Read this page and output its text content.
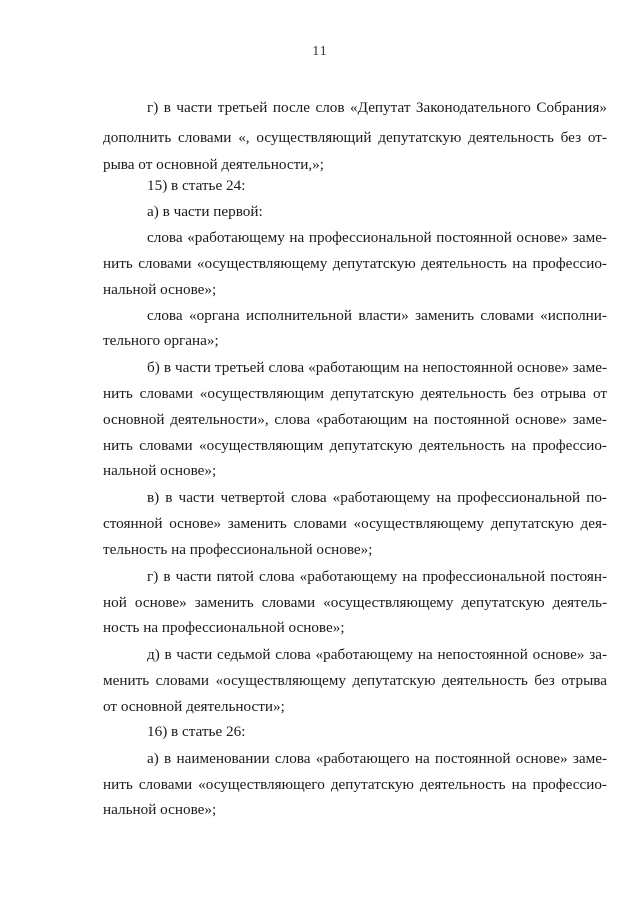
11
г) в части третьей после слов «Депутат Законодательного Собрания»
дополнить словами «, осуществляющий депутатскую деятельность без от-
рыва от основной деятельности,»;
15) в статье 24:
а) в части первой:
слова «работающему на профессиональной постоянной основе» заме-
нить словами «осуществляющему депутатскую деятельность на профессио-
нальной основе»;
слова «органа исполнительной власти» заменить словами «исполни-
тельного органа»;
б) в части третьей слова «работающим на непостоянной основе» заме-
нить словами «осуществляющим депутатскую деятельность без отрыва от
основной деятельности», слова «работающим на постоянной основе» заме-
нить словами «осуществляющим депутатскую деятельность на профессио-
нальной основе»;
в) в части четвертой слова «работающему на профессиональной по-
стоянной основе» заменить словами «осуществляющему депутатскую дея-
тельность на профессиональной основе»;
г) в части пятой слова «работающему на профессиональной постоян-
ной основе» заменить словами «осуществляющему депутатскую деятель-
ность на профессиональной основе»;
д) в части седьмой слова «работающему на непостоянной основе» за-
менить словами «осуществляющему депутатскую деятельность без отрыва
от основной деятельности»;
16) в статье 26:
а) в наименовании слова «работающего на постоянной основе» заме-
нить словами «осуществляющего депутатскую деятельность на профессио-
нальной основе»;
